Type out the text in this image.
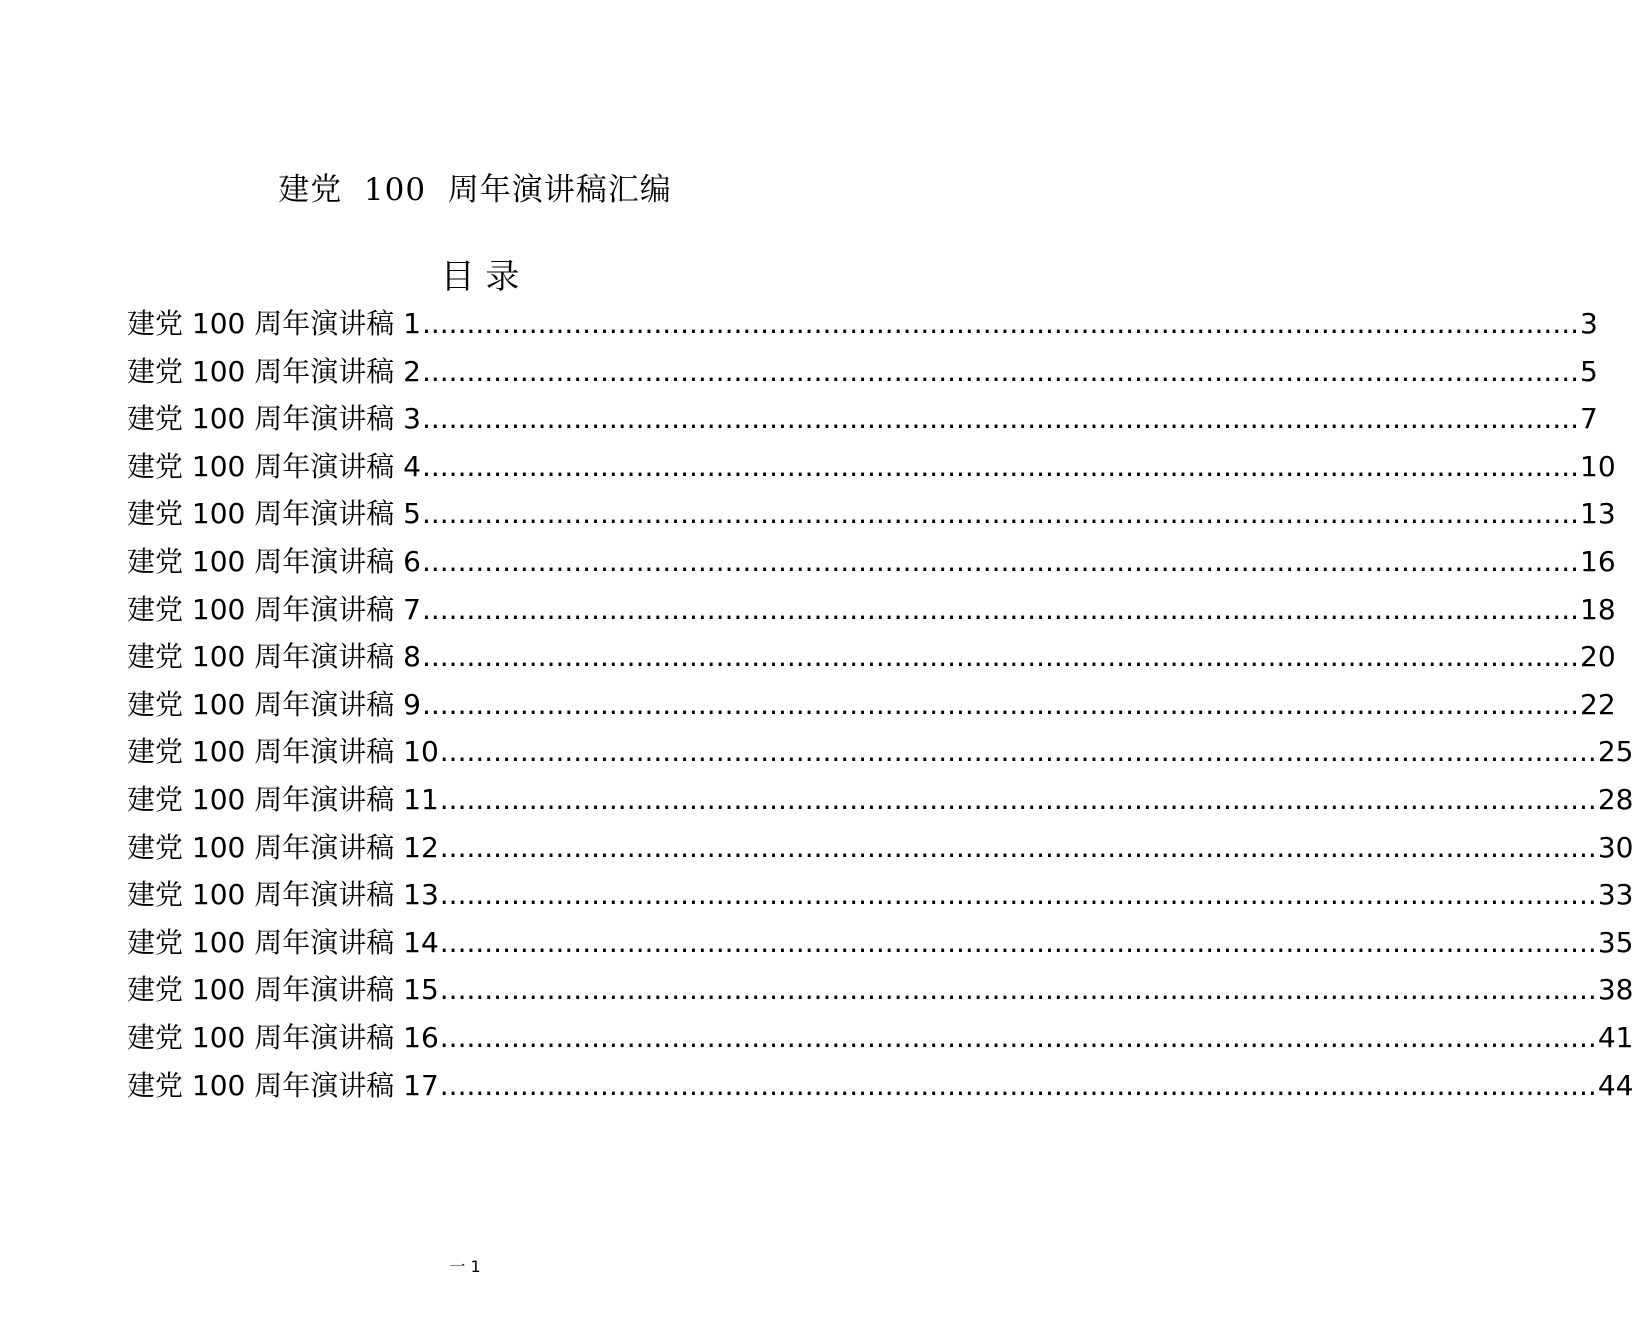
建党  100  周年演讲稿汇编
目 录
建党 100 周年演讲稿 1 .................................................................................................................................. 3
建党 100 周年演讲稿 2 .................................................................................................................................. 5
建党 100 周年演讲稿 3 .................................................................................................................................. 7
建党 100 周年演讲稿 4 .................................................................................................................................. 10
建党 100 周年演讲稿 5 .................................................................................................................................. 13
建党 100 周年演讲稿 6 .................................................................................................................................. 16
建党 100 周年演讲稿 7 .................................................................................................................................. 18
建党 100 周年演讲稿 8 .................................................................................................................................. 20
建党 100 周年演讲稿 9 .................................................................................................................................. 22
建党 100 周年演讲稿 10 .................................................................................................................................. 25
建党 100 周年演讲稿 11 .................................................................................................................................. 28
建党 100 周年演讲稿 12 .................................................................................................................................. 30
建党 100 周年演讲稿 13 .................................................................................................................................. 33
建党 100 周年演讲稿 14 .................................................................................................................................. 35
建党 100 周年演讲稿 15 .................................................................................................................................. 38
建党 100 周年演讲稿 16 .................................................................................................................................. 41
建党 100 周年演讲稿 17 .................................................................................................................................. 44
一 1
